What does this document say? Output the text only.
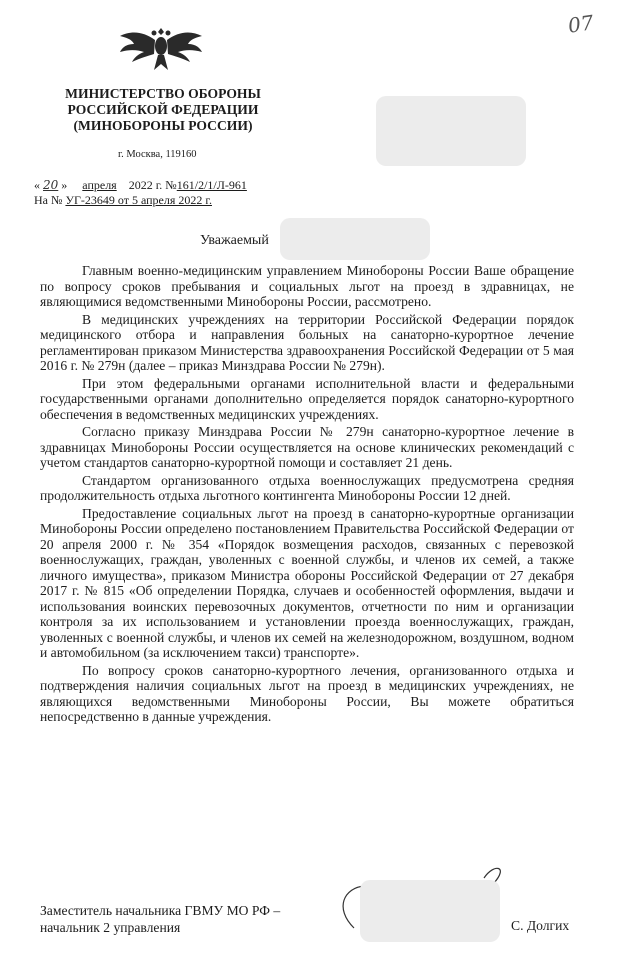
07
МИНИСТЕРСТВО ОБОРОНЫ
РОССИЙСКОЙ ФЕДЕРАЦИИ
(МИНОБОРОНЫ РОССИИ)
г. Москва, 119160
« 20 » апреля 2022 г. №161/2/1/Л-961
На № УГ-23649 от 5 апреля 2022 г.
Уважаемый

Главным военно-медицинским управлением Минобороны России Ваше обращение по вопросу сроков пребывания и социальных льгот на проезд в здравницах, не являющимися ведомственными Минобороны России, рассмотрено.

В медицинских учреждениях на территории Российской Федерации порядок медицинского отбора и направления больных на санаторно-курортное лечение регламентирован приказом Министерства здравоохранения Российской Федерации от 5 мая 2016 г. № 279н (далее – приказ Минздрава России № 279н).

При этом федеральными органами исполнительной власти и федеральными государственными органами дополнительно определяется порядок санаторно-курортного обеспечения в ведомственных медицинских учреждениях.

Согласно приказу Минздрава России № 279н санаторно-курортное лечение в здравницах Минобороны России осуществляется на основе клинических рекомендаций с учетом стандартов санаторно-курортной помощи и составляет 21 день.

Стандартом организованного отдыха военнослужащих предусмотрена средняя продолжительность отдыха льготного контингента Минобороны России 12 дней.

Предоставление социальных льгот на проезд в санаторно-курортные организации Минобороны России определено постановлением Правительства Российской Федерации от 20 апреля 2000 г. № 354 «Порядок возмещения расходов, связанных с перевозкой военнослужащих, граждан, уволенных с военной службы, и членов их семей, а также личного имущества», приказом Министра обороны Российской Федерации от 27 декабря 2017 г. № 815 «Об определении Порядка, случаев и особенностей оформления, выдачи и использования воинских перевозочных документов, отчетности по ним и организации контроля за их использованием и установлении проезда военнослужащих, граждан, уволенных с военной службы, и членов их семей на железнодорожном, воздушном, водном и автомобильном (за исключением такси) транспорте».

По вопросу сроков санаторно-курортного лечения, организованного отдыха и подтверждения наличия социальных льгот на проезд в медицинских учреждениях, не являющихся ведомственными Минобороны России, Вы можете обратиться непосредственно в данные учреждения.

Заместитель начальника ГВМУ МО РФ –
начальник 2 управления	С. Долгих
